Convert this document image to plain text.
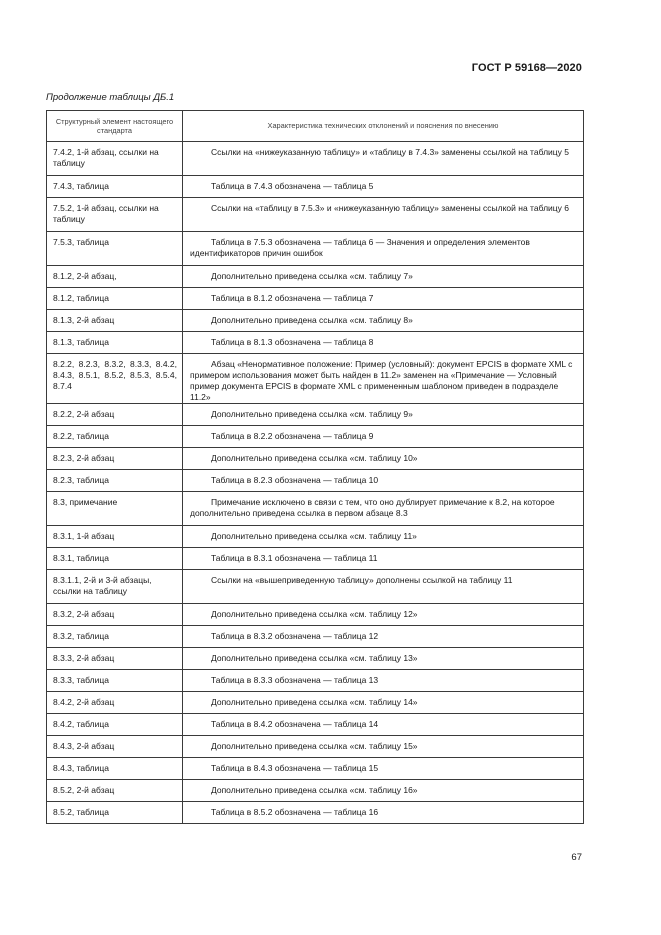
ГОСТ Р 59168—2020
Продолжение таблицы ДБ.1
Структурный элемент настоящего стандарта	Характеристика технических отклонений и пояснения по внесению
7.4.2, 1-й абзац, ссылки на таблицу	Ссылки на «нижеуказанную таблицу» и «таблицу в 7.4.3» заменены ссылкой на таблицу 5
7.4.3, таблица	Таблица в 7.4.3 обозначена — таблица 5
7.5.2, 1-й абзац, ссылки на таблицу	Ссылки на «таблицу в 7.5.3» и «нижеуказанную таблицу» заменены ссылкой на таблицу 6
7.5.3, таблица	Таблица в 7.5.3 обозначена — таблица 6 — Значения и определения элементов идентификаторов причин ошибок
8.1.2, 2-й абзац,	Дополнительно приведена ссылка «см. таблицу 7»
8.1.2, таблица	Таблица в 8.1.2 обозначена — таблица 7
8.1.3, 2-й абзац	Дополнительно приведена ссылка «см. таблицу 8»
8.1.3, таблица	Таблица в 8.1.3 обозначена — таблица 8
8.2.2, 8.2.3, 8.3.2, 8.3.3, 8.4.2, 8.4.3, 8.5.1, 8.5.2, 8.5.3, 8.5.4, 8.7.4	Абзац «Ненормативное положение: Пример (условный): документ EPCIS в формате XML с примером использования может быть найден в 11.2» заменен на «Примечание — Условный пример документа EPCIS в формате XML с примененным шаблоном приведен в подразделе 11.2»
8.2.2, 2-й абзац	Дополнительно приведена ссылка «см. таблицу 9»
8.2.2, таблица	Таблица в 8.2.2 обозначена — таблица 9
8.2.3, 2-й абзац	Дополнительно приведена ссылка «см. таблицу 10»
8.2.3, таблица	Таблица в 8.2.3 обозначена — таблица 10
8.3, примечание	Примечание исключено в связи с тем, что оно дублирует примечание к 8.2, на которое дополнительно приведена ссылка в первом абзаце 8.3
8.3.1, 1-й абзац	Дополнительно приведена ссылка «см. таблицу 11»
8.3.1, таблица	Таблица в 8.3.1 обозначена — таблица 11
8.3.1.1, 2-й и 3-й абзацы, ссылки на таблицу	Ссылки на «вышеприведенную таблицу» дополнены ссылкой на таблицу 11
8.3.2, 2-й абзац	Дополнительно приведена ссылка «см. таблицу 12»
8.3.2, таблица	Таблица в 8.3.2 обозначена — таблица 12
8.3.3, 2-й абзац	Дополнительно приведена ссылка «см. таблицу 13»
8.3.3, таблица	Таблица в 8.3.3 обозначена — таблица 13
8.4.2, 2-й абзац	Дополнительно приведена ссылка «см. таблицу 14»
8.4.2, таблица	Таблица в 8.4.2 обозначена — таблица 14
8.4.3, 2-й абзац	Дополнительно приведена ссылка «см. таблицу 15»
8.4.3, таблица	Таблица в 8.4.3 обозначена — таблица 15
8.5.2, 2-й абзац	Дополнительно приведена ссылка «см. таблицу 16»
8.5.2, таблица	Таблица в 8.5.2 обозначена — таблица 16
67
